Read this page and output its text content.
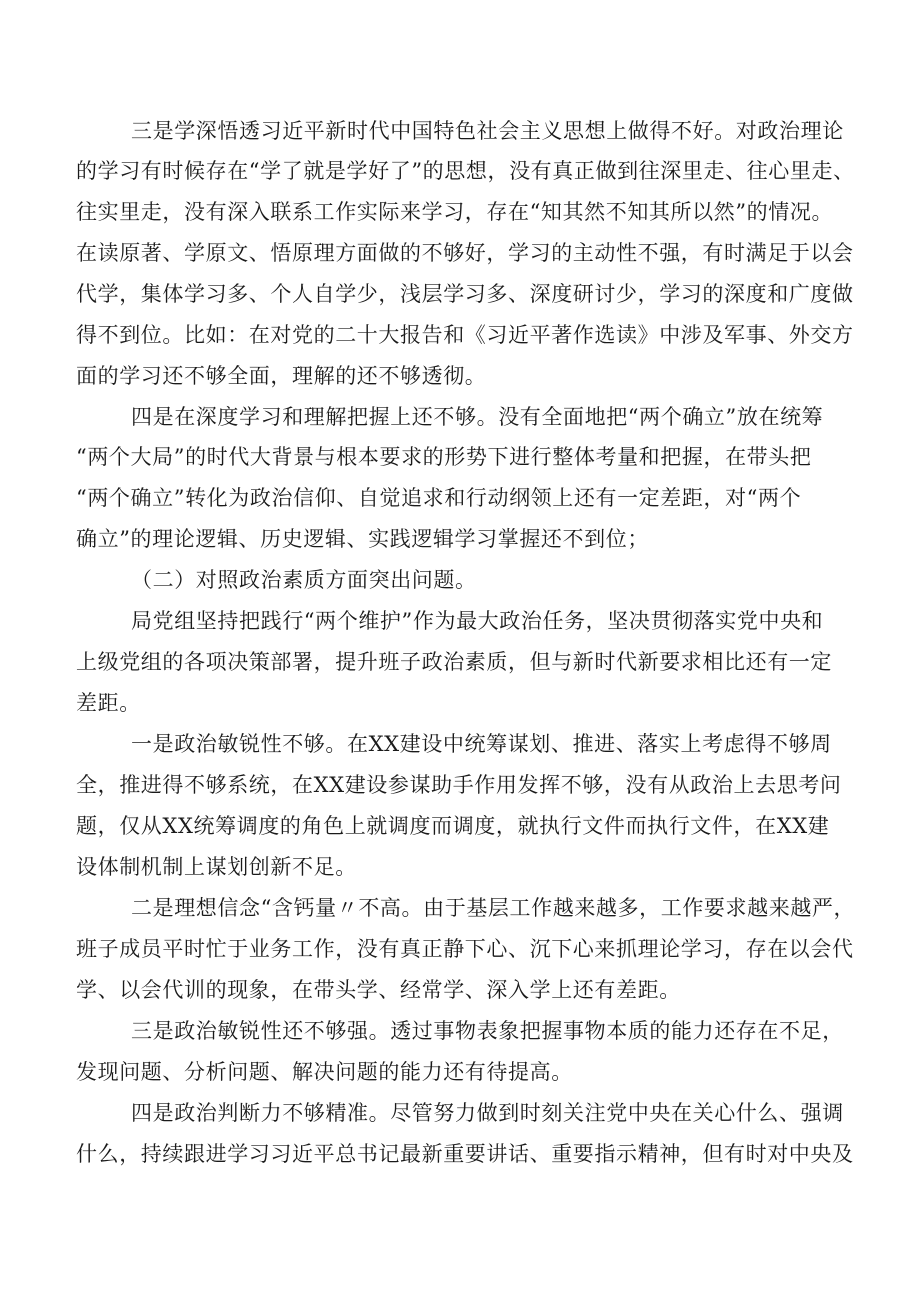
三是学深悟透习近平新时代中国特色社会主义思想上做得不好。对政治理论

的学习有时候存在“学了就是学好了”的思想，没有真正做到往深里走、往心里走、

往实里走，没有深入联系工作实际来学习，存在“知其然不知其所以然”的情况。

在读原著、学原文、悟原理方面做的不够好，学习的主动性不强，有时满足于以会

代学，集体学习多、个人自学少，浅层学习多、深度研讨少，学习的深度和广度做

得不到位。比如：在对党的二十大报告和《习近平著作选读》中涉及军事、外交方

面的学习还不够全面，理解的还不够透彻。

四是在深度学习和理解把握上还不够。没有全面地把“两个确立”放在统筹

“两个大局”的时代大背景与根本要求的形势下进行整体考量和把握，在带头把

“两个确立”转化为政治信仰、自觉追求和行动纲领上还有一定差距，对“两个

确立”的理论逻辑、历史逻辑、实践逻辑学习掌握还不到位；

（二）对照政治素质方面突出问题。

局党组坚持把践行“两个维护”作为最大政治任务，坚决贯彻落实党中央和

上级党组的各项决策部署，提升班子政治素质，但与新时代新要求相比还有一定

差距。

一是政治敏锐性不够。在XX建设中统筹谋划、推进、落实上考虑得不够周

全，推进得不够系统，在XX建设参谋助手作用发挥不够，没有从政治上去思考问

题，仅从XX统筹调度的角色上就调度而调度，就执行文件而执行文件，在XX建

设体制机制上谋划创新不足。

二是理想信念“含钙量〃不高。由于基层工作越来越多，工作要求越来越严，

班子成员平时忙于业务工作，没有真正静下心、沉下心来抓理论学习，存在以会代

学、以会代训的现象，在带头学、经常学、深入学上还有差距。

三是政治敏锐性还不够强。透过事物表象把握事物本质的能力还存在不足，

发现问题、分析问题、解决问题的能力还有待提高。

四是政治判断力不够精准。尽管努力做到时刻关注党中央在关心什么、强调

什么，持续跟进学习习近平总书记最新重要讲话、重要指示精神，但有时对中央及
